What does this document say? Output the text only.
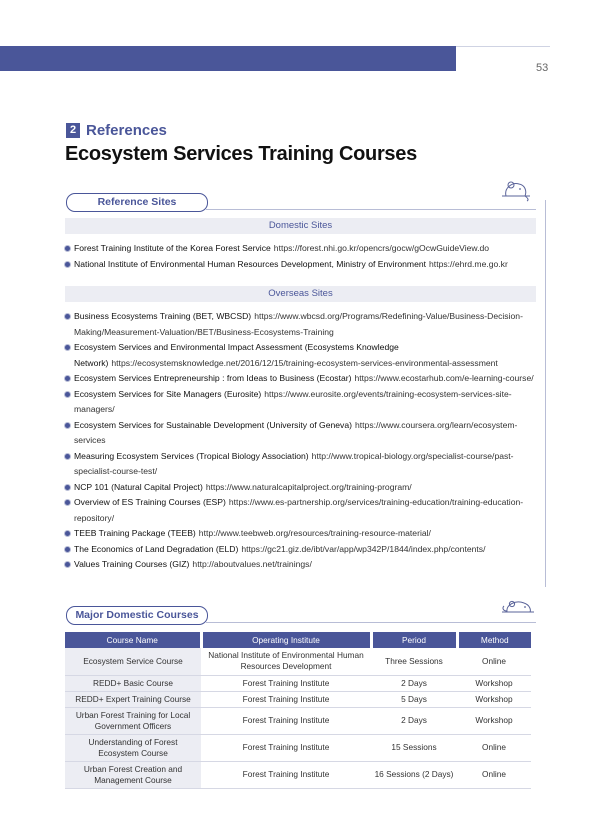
53
2 References
Ecosystem Services Training Courses
Reference Sites
Domestic Sites
Forest Training Institute of the Korea Forest Service https://forest.nhi.go.kr/opencrs/gocw/gOcwGuideView.do
National Institute of Environmental Human Resources Development, Ministry of Environment https://ehrd.me.go.kr
Overseas Sites
Business Ecosystems Training (BET, WBCSD) https://www.wbcsd.org/Programs/Redefining-Value/Business-Decision-Making/Measurement-Valuation/BET/Business-Ecosystems-Training
Ecosystem Services and Environmental Impact Assessment (Ecosystems Knowledge Network) https://ecosystemsknowledge.net/2016/12/15/training-ecosystem-services-environmental-assessment
Ecosystem Services Entrepreneurship : from Ideas to Business (Ecostar) https://www.ecostarhub.com/e-learning-course/
Ecosystem Services for Site Managers (Eurosite) https://www.eurosite.org/events/training-ecosystem-services-site-managers/
Ecosystem Services for Sustainable Development (University of Geneva) https://www.coursera.org/learn/ecosystem-services
Measuring Ecosystem Services (Tropical Biology Association) http://www.tropical-biology.org/specialist-course/past-specialist-course-test/
NCP 101 (Natural Capital Project) https://www.naturalcapitalproject.org/training-program/
Overview of ES Training Courses (ESP) https://www.es-partnership.org/services/training-education/training-education-repository/
TEEB Training Package (TEEB) http://www.teebweb.org/resources/training-resource-material/
The Economics of Land Degradation (ELD) https://gc21.giz.de/ibt/var/app/wp342P/1844/index.php/contents/
Values Training Courses (GIZ) http://aboutvalues.net/trainings/
Major Domestic Courses
Course Name	Operating Institute	Period	Method
Ecosystem Service Course	National Institute of Environmental Human Resources Development	Three Sessions	Online
REDD+ Basic Course	Forest Training Institute	2 Days	Workshop
REDD+ Expert Training Course	Forest Training Institute	5 Days	Workshop
Urban Forest Training for Local Government Officers	Forest Training Institute	2 Days	Workshop
Understanding of Forest Ecosystem Course	Forest Training Institute	15 Sessions	Online
Urban Forest Creation and Management Course	Forest Training Institute	16 Sessions (2 Days)	Online
